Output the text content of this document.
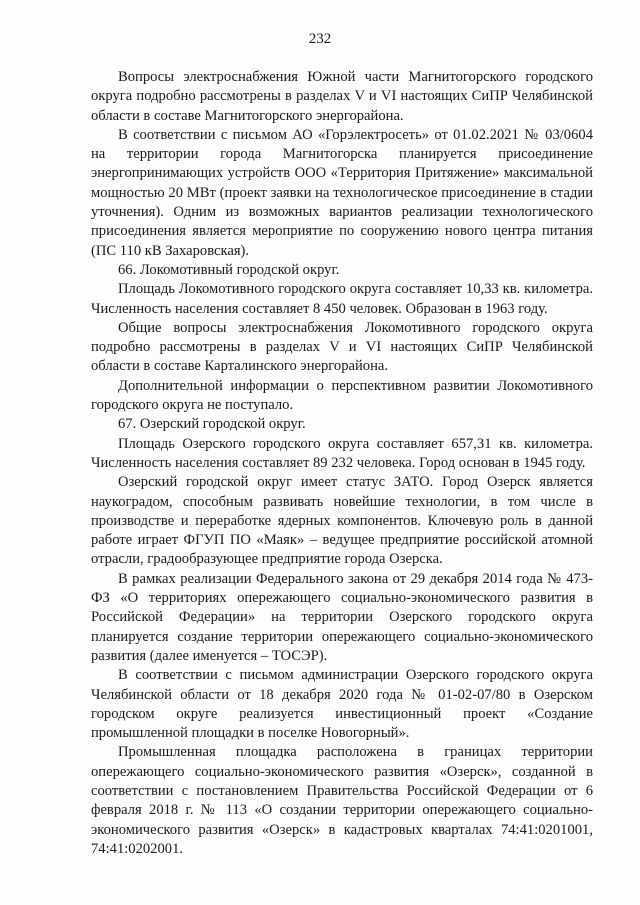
232

Вопросы электроснабжения Южной части Магнитогорского городского округа подробно рассмотрены в разделах V и VI настоящих СиПР Челябинской области в составе Магнитогорского энергорайона.

В соответствии с письмом АО «Горэлектросеть» от 01.02.2021 № 03/0604 на территории города Магнитогорска планируется присоединение энергопринимающих устройств ООО «Территория Притяжение» максимальной мощностью 20 МВт (проект заявки на технологическое присоединение в стадии уточнения). Одним из возможных вариантов реализации технологического присоединения является мероприятие по сооружению нового центра питания (ПС 110 кВ Захаровская).

66. Локомотивный городской округ.

Площадь Локомотивного городского округа составляет 10,33 кв. километра. Численность населения составляет 8 450 человек. Образован в 1963 году.

Общие вопросы электроснабжения Локомотивного городского округа подробно рассмотрены в разделах V и VI настоящих СиПР Челябинской области в составе Карталинского энергорайона.

Дополнительной информации о перспективном развитии Локомотивного городского округа не поступало.

67. Озерский городской округ.

Площадь Озерского городского округа составляет 657,31 кв. километра. Численность населения составляет 89 232 человека. Город основан в 1945 году.

Озерский городской округ имеет статус ЗАТО. Город Озерск является наукоградом, способным развивать новейшие технологии, в том числе в производстве и переработке ядерных компонентов. Ключевую роль в данной работе играет ФГУП ПО «Маяк» – ведущее предприятие российской атомной отрасли, градообразующее предприятие города Озерска.

В рамках реализации Федерального закона от 29 декабря 2014 года № 473-ФЗ «О территориях опережающего социально-экономического развития в Российской Федерации» на территории Озерского городского округа планируется создание территории опережающего социально-экономического развития (далее именуется – ТОСЭР).

В соответствии с письмом администрации Озерского городского округа Челябинской области от 18 декабря 2020 года № 01-02-07/80 в Озерском городском округе реализуется инвестиционный проект «Создание промышленной площадки в поселке Новогорный».

Промышленная площадка расположена в границах территории опережающего социально-экономического развития «Озерск», созданной в соответствии с постановлением Правительства Российской Федерации от 6 февраля 2018 г. № 113 «О создании территории опережающего социально-экономического развития «Озерск» в кадастровых кварталах 74:41:0201001, 74:41:0202001.
